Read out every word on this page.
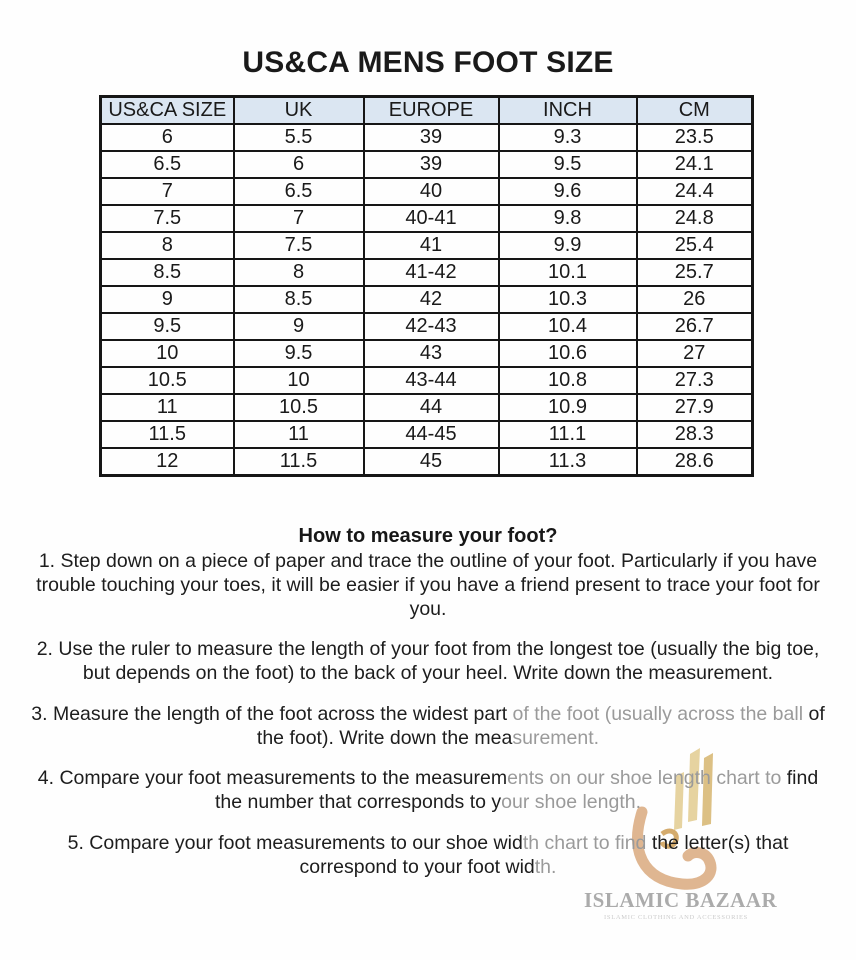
US&CA MENS FOOT SIZE
US&CA SIZE	UK	EUROPE	INCH	CM
6	5.5	39	9.3	23.5
6.5	6	39	9.5	24.1
7	6.5	40	9.6	24.4
7.5	7	40-41	9.8	24.8
8	7.5	41	9.9	25.4
8.5	8	41-42	10.1	25.7
9	8.5	42	10.3	26
9.5	9	42-43	10.4	26.7
10	9.5	43	10.6	27
10.5	10	43-44	10.8	27.3
11	10.5	44	10.9	27.9
11.5	11	44-45	11.1	28.3
12	11.5	45	11.3	28.6
How to measure your foot?

1. Step down on a piece of paper and trace the outline of your foot. Particularly if you have trouble touching your toes, it will be easier if you have a friend present to trace your foot for you.

2. Use the ruler to measure the length of your foot from the longest toe (usually the big toe, but depends on the foot) to the back of your heel. Write down the measurement.

3. Measure the length of the foot across the widest part of the foot (usually across the ball of the foot). Write down the measurement.

4. Compare your foot measurements to the measurements on our shoe length chart to find the number that corresponds to your shoe length.

5. Compare your foot measurements to our shoe width chart to find the letter(s) that correspond to your foot width.

ISLAMIC BAZAAR
ISLAMIC CLOTHING AND ACCESSORIES
